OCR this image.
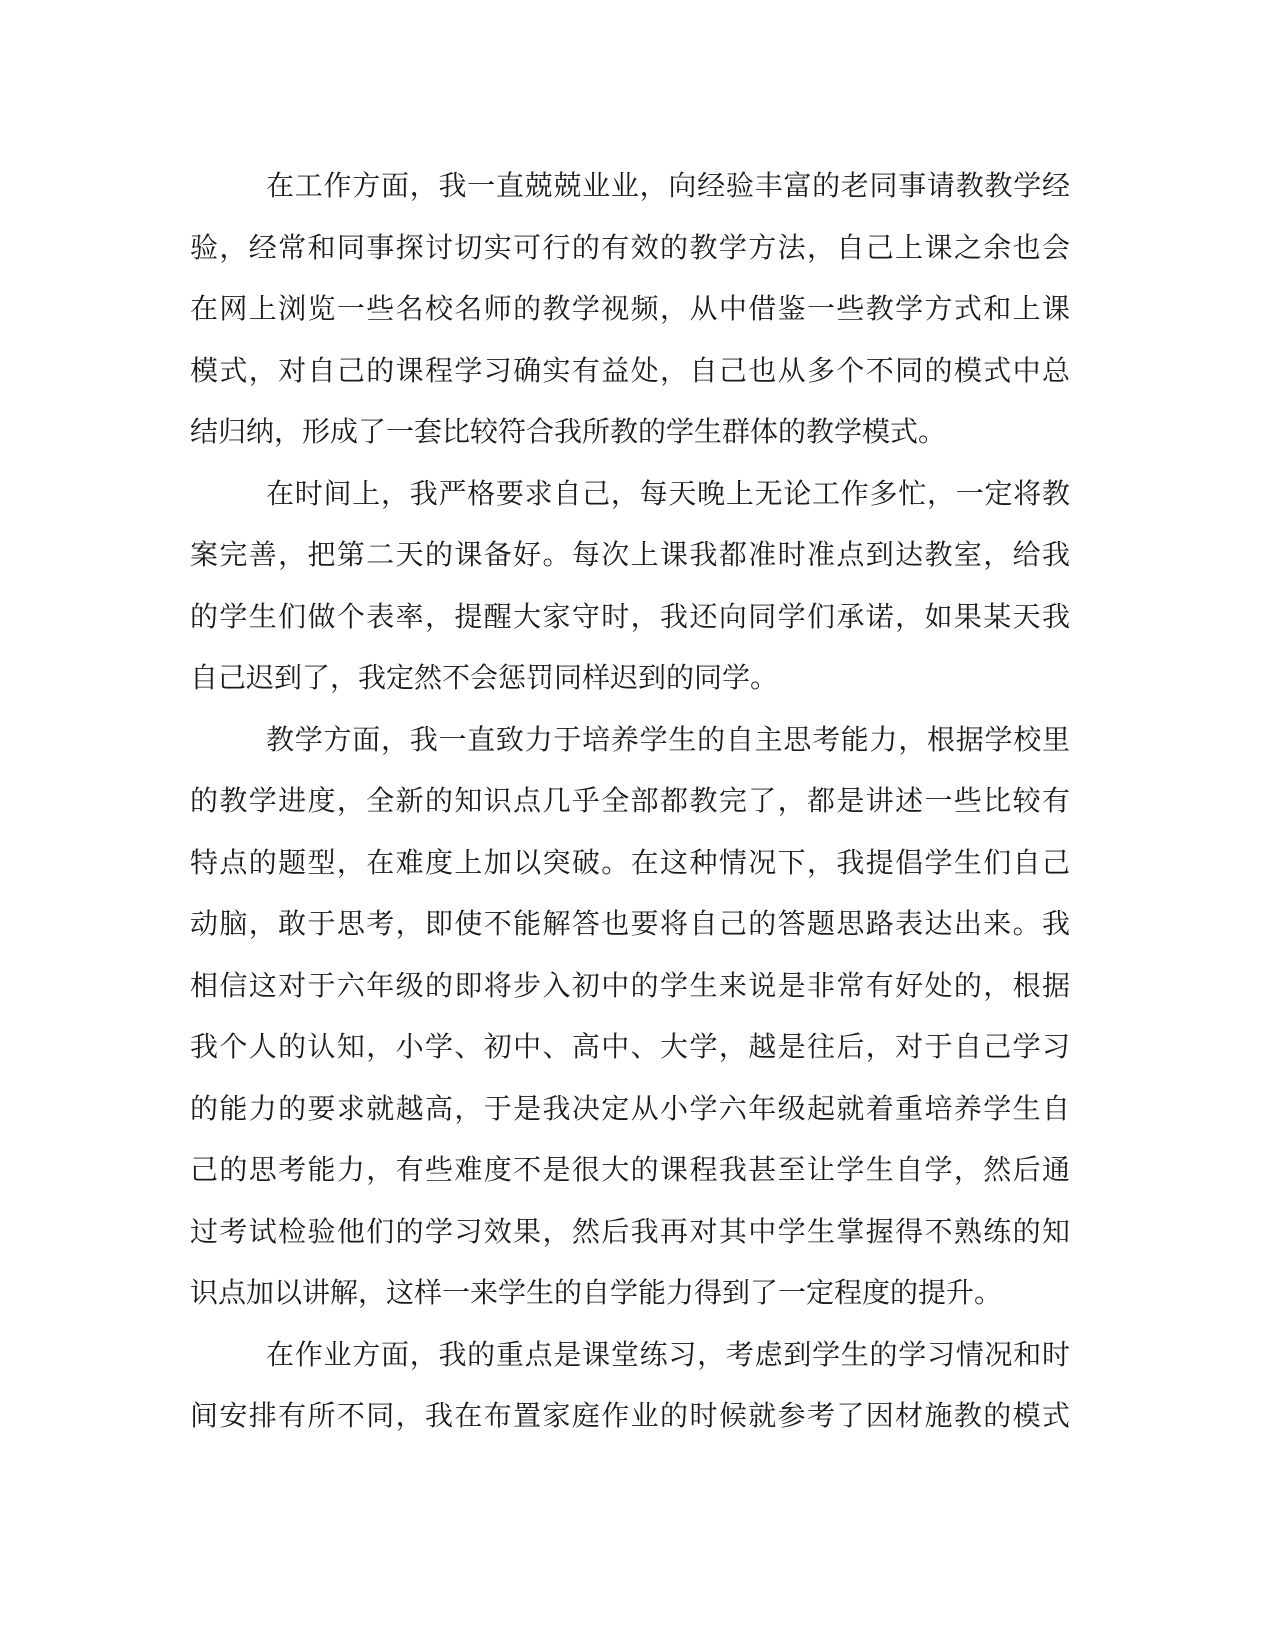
在工作方面，我一直兢兢业业，向经验丰富的老同事请教教学经
验，经常和同事探讨切实可行的有效的教学方法，自己上课之余也会
在网上浏览一些名校名师的教学视频，从中借鉴一些教学方式和上课
模式，对自己的课程学习确实有益处，自己也从多个不同的模式中总
结归纳，形成了一套比较符合我所教的学生群体的教学模式。
在时间上，我严格要求自己，每天晚上无论工作多忙，一定将教
案完善，把第二天的课备好。每次上课我都准时准点到达教室，给我
的学生们做个表率，提醒大家守时，我还向同学们承诺，如果某天我
自己迟到了，我定然不会惩罚同样迟到的同学。
教学方面，我一直致力于培养学生的自主思考能力，根据学校里
的教学进度，全新的知识点几乎全部都教完了，都是讲述一些比较有
特点的题型，在难度上加以突破。在这种情况下，我提倡学生们自己
动脑，敢于思考，即使不能解答也要将自己的答题思路表达出来。我
相信这对于六年级的即将步入初中的学生来说是非常有好处的，根据
我个人的认知，小学、初中、高中、大学，越是往后，对于自己学习
的能力的要求就越高，于是我决定从小学六年级起就着重培养学生自
己的思考能力，有些难度不是很大的课程我甚至让学生自学，然后通
过考试检验他们的学习效果，然后我再对其中学生掌握得不熟练的知
识点加以讲解，这样一来学生的自学能力得到了一定程度的提升。
在作业方面，我的重点是课堂练习，考虑到学生的学习情况和时
间安排有所不同，我在布置家庭作业的时候就参考了因材施教的模式
